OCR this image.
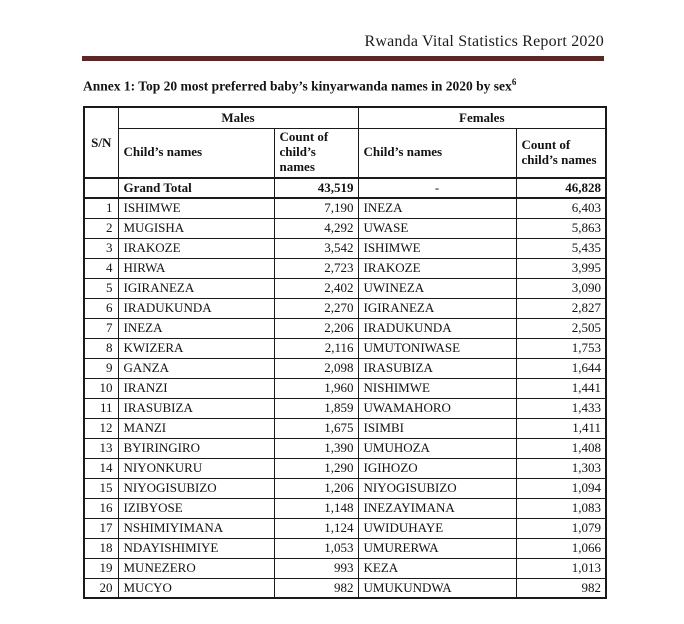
Rwanda Vital Statistics Report 2020
Annex 1: Top 20 most preferred baby’s kinyarwanda names in 2020 by sex$^6$
S/N	Males		Females	
	Child’s names	Count of child’s names	Child’s names	Count of child’s names
	Grand Total	43,519	-	46,828
1	ISHIMWE	7,190	INEZA	6,403
2	MUGISHA	4,292	UWASE	5,863
3	IRAKOZE	3,542	ISHIMWE	5,435
4	HIRWA	2,723	IRAKOZE	3,995
5	IGIRANEZA	2,402	UWINEZA	3,090
6	IRADUKUNDA	2,270	IGIRANEZA	2,827
7	INEZA	2,206	IRADUKUNDA	2,505
8	KWIZERA	2,116	UMUTONIWASE	1,753
9	GANZA	2,098	IRASUBIZA	1,644
10	IRANZI	1,960	NISHIMWE	1,441
11	IRASUBIZA	1,859	UWAMAHORO	1,433
12	MANZI	1,675	ISIMBI	1,411
13	BYIRINGIRO	1,390	UMUHOZA	1,408
14	NIYONKURU	1,290	IGIHOZO	1,303
15	NIYOGISUBIZO	1,206	NIYOGISUBIZO	1,094
16	IZIBYOSE	1,148	INEZAYIMANA	1,083
17	NSHIMIYIMANA	1,124	UWIDUHAYE	1,079
18	NDAYISHIMIYE	1,053	UMURERWA	1,066
19	MUNEZERO	993	KEZA	1,013
20	MUCYO	982	UMUKUNDWA	982
